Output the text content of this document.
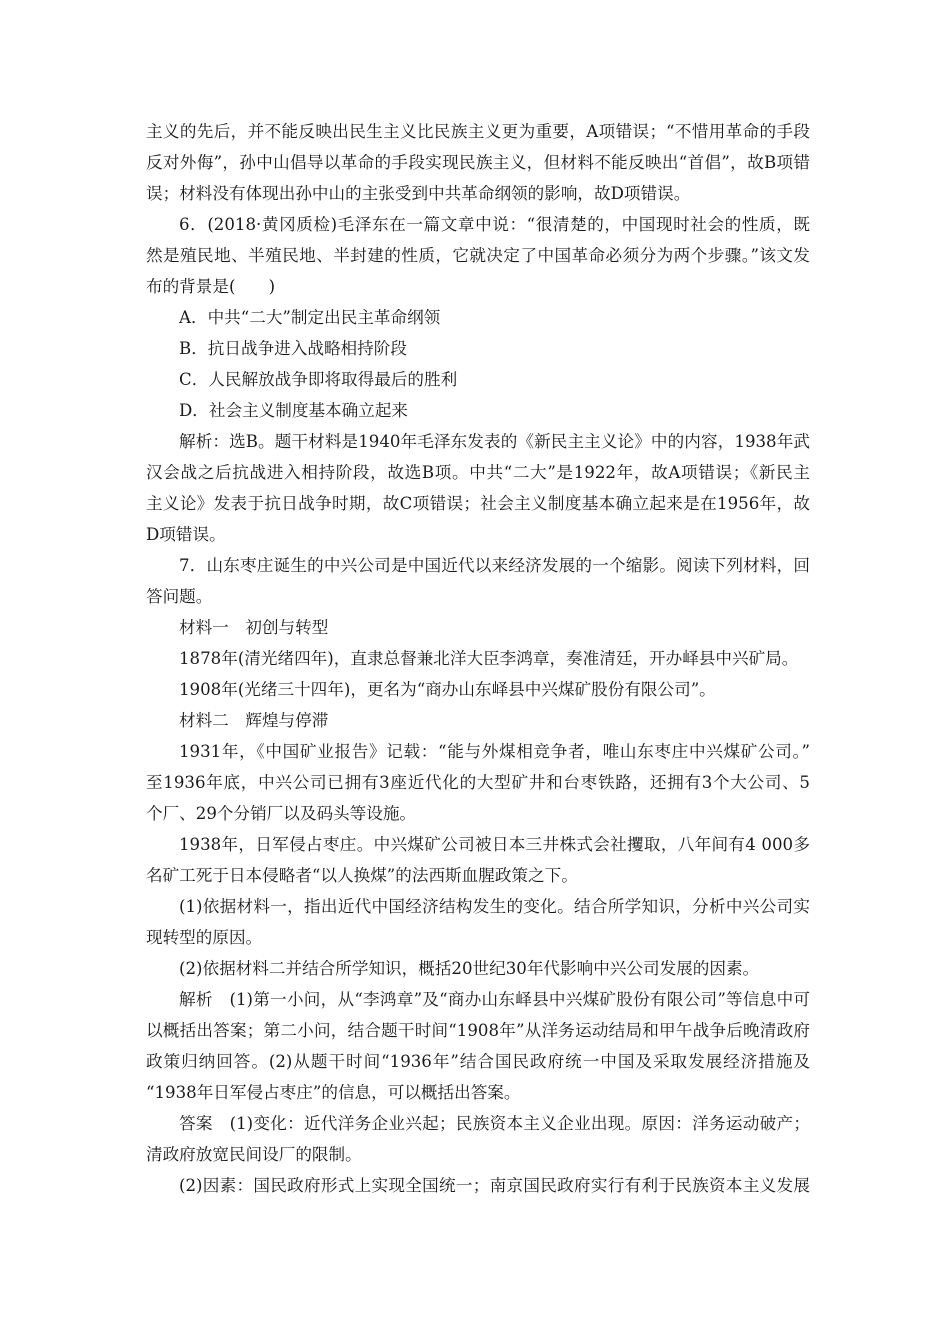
主义的先后，并不能反映出民生主义比民族主义更为重要，A项错误；“不惜用革命的手段
反对外侮”，孙中山倡导以革命的手段实现民族主义，但材料不能反映出“首倡”，故B项错
误；材料没有体现出孙中山的主张受到中共革命纲领的影响，故D项错误。
6．(2018·黄冈质检)毛泽东在一篇文章中说：“很清楚的，中国现时社会的性质，既
然是殖民地、半殖民地、半封建的性质，它就决定了中国革命必须分为两个步骤。”该文发
布的背景是(　　)
A．中共“二大”制定出民主革命纲领
B．抗日战争进入战略相持阶段
C．人民解放战争即将取得最后的胜利
D．社会主义制度基本确立起来
解析：选B。题干材料是1940年毛泽东发表的《新民主主义论》中的内容，1938年武
汉会战之后抗战进入相持阶段，故选B项。中共“二大”是1922年，故A项错误；《新民主
主义论》发表于抗日战争时期，故C项错误；社会主义制度基本确立起来是在1956年，故
D项错误。
7．山东枣庄诞生的中兴公司是中国近代以来经济发展的一个缩影。阅读下列材料，回
答问题。
材料一　初创与转型
1878年(清光绪四年)，直隶总督兼北洋大臣李鸿章，奏准清廷，开办峄县中兴矿局。
1908年(光绪三十四年)，更名为“商办山东峄县中兴煤矿股份有限公司”。
材料二　辉煌与停滞
1931年，《中国矿业报告》记载：“能与外煤相竞争者，唯山东枣庄中兴煤矿公司。”
至1936年底，中兴公司已拥有3座近代化的大型矿井和台枣铁路，还拥有3个大公司、5
个厂、29个分销厂以及码头等设施。
1938年，日军侵占枣庄。中兴煤矿公司被日本三井株式会社攫取，八年间有4 000多
名矿工死于日本侵略者“以人换煤”的法西斯血腥政策之下。
(1)依据材料一，指出近代中国经济结构发生的变化。结合所学知识，分析中兴公司实
现转型的原因。
(2)依据材料二并结合所学知识，概括20世纪30年代影响中兴公司发展的因素。
解析　(1)第一小问，从“李鸿章”及“商办山东峄县中兴煤矿股份有限公司”等信息中可
以概括出答案；第二小问，结合题干时间“1908年”从洋务运动结局和甲午战争后晚清政府
政策归纳回答。(2)从题干时间“1936年”结合国民政府统一中国及采取发展经济措施及
“1938年日军侵占枣庄”的信息，可以概括出答案。
答案　(1)变化：近代洋务企业兴起；民族资本主义企业出现。原因：洋务运动破产；
清政府放宽民间设厂的限制。
(2)因素：国民政府形式上实现全国统一；南京国民政府实行有利于民族资本主义发展
